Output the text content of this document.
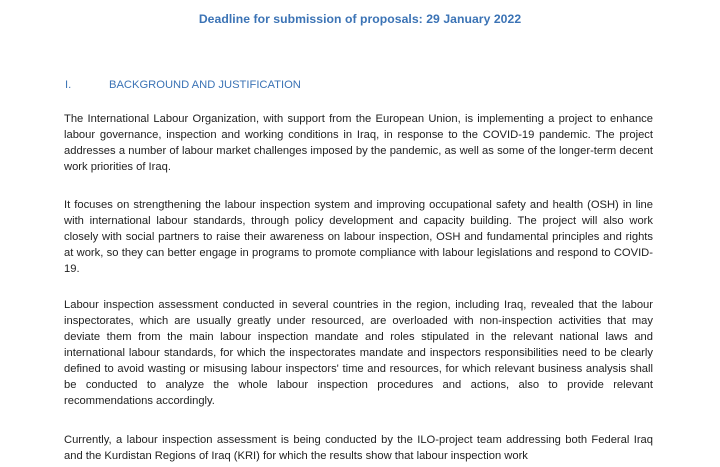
Deadline for submission of proposals: 29 January 2022
I.	BACKGROUND AND JUSTIFICATION
The International Labour Organization, with support from the European Union, is implementing a project to enhance labour governance, inspection and working conditions in Iraq, in response to the COVID-19 pandemic. The project addresses a number of labour market challenges imposed by the pandemic, as well as some of the longer-term decent work priorities of Iraq.
It focuses on strengthening the labour inspection system and improving occupational safety and health (OSH) in line with international labour standards, through policy development and capacity building. The project will also work closely with social partners to raise their awareness on labour inspection, OSH and fundamental principles and rights at work, so they can better engage in programs to promote compliance with labour legislations and respond to COVID-19.
Labour inspection assessment conducted in several countries in the region, including Iraq, revealed that the labour inspectorates, which are usually greatly under resourced, are overloaded with non-inspection activities that may deviate them from the main labour inspection mandate and roles stipulated in the relevant national laws and international labour standards, for which the inspectorates mandate and inspectors responsibilities need to be clearly defined to avoid wasting or misusing labour inspectors' time and resources, for which relevant business analysis shall be conducted to analyze the whole labour inspection procedures and actions, also to provide relevant recommendations accordingly.
Currently, a labour inspection assessment is being conducted by the ILO-project team addressing both Federal Iraq and the Kurdistan Regions of Iraq (KRI) for which the results show that labour inspection work
